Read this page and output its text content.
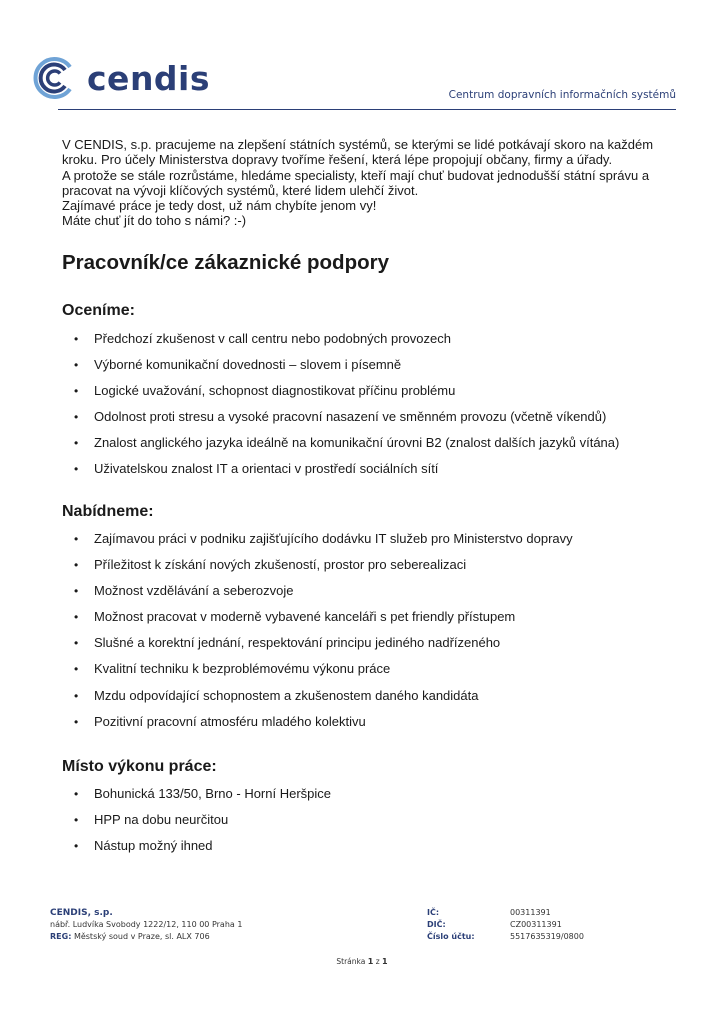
cendis	Centrum dopravních informačních systémů

V CENDIS, s.p. pracujeme na zlepšení státních systémů, se kterými se lidé potkávají skoro na každém kroku. Pro účely Ministerstva dopravy tvoříme řešení, která lépe propojují občany, firmy a úřady.

A protože se stále rozrůstáme, hledáme specialisty, kteří mají chuť budovat jednodušší státní správu a pracovat na vývoji klíčových systémů, které lidem ulehčí život.

Zajímavé práce je tedy dost, už nám chybíte jenom vy!

Máte chuť jít do toho s námi? :-)

Pracovník/ce zákaznické podpory
Oceníme:
• Předchozí zkušenost v call centru nebo podobných provozech
• Výborné komunikační dovednosti – slovem i písemně
• Logické uvažování, schopnost diagnostikovat příčinu problému
• Odolnost proti stresu a vysoké pracovní nasazení ve směnném provozu (včetně víkendů)
• Znalost anglického jazyka ideálně na komunikační úrovni B2 (znalost dalších jazyků vítána)
• Uživatelskou znalost IT a orientaci v prostředí sociálních sítí
Nabídneme:
• Zajímavou práci v podniku zajišťujícího dodávku IT služeb pro Ministerstvo dopravy
• Příležitost k získání nových zkušeností, prostor pro seberealizaci
• Možnost vzdělávání a seberozvoje
• Možnost pracovat v moderně vybavené kanceláři s pet friendly přístupem
• Slušné a korektní jednání, respektování principu jediného nadřízeného
• Kvalitní techniku k bezproblémovému výkonu práce
• Mzdu odpovídající schopnostem a zkušenostem daného kandidáta
• Pozitivní pracovní atmosféru mladého kolektivu
Místo výkonu práce:
• Bohunická 133/50, Brno - Horní Heršpice
• HPP na dobu neurčitou
• Nástup možný ihned
CENDIS, s.p.
nábř. Ludvíka Svobody 1222/12, 110 00 Praha 1
REG: Městský soud v Praze, sl. ALX 706
IČ:
DIČ:
Číslo účtu:
00311391
CZ00311391
5517635319/0800
Stránka 1 z 1
